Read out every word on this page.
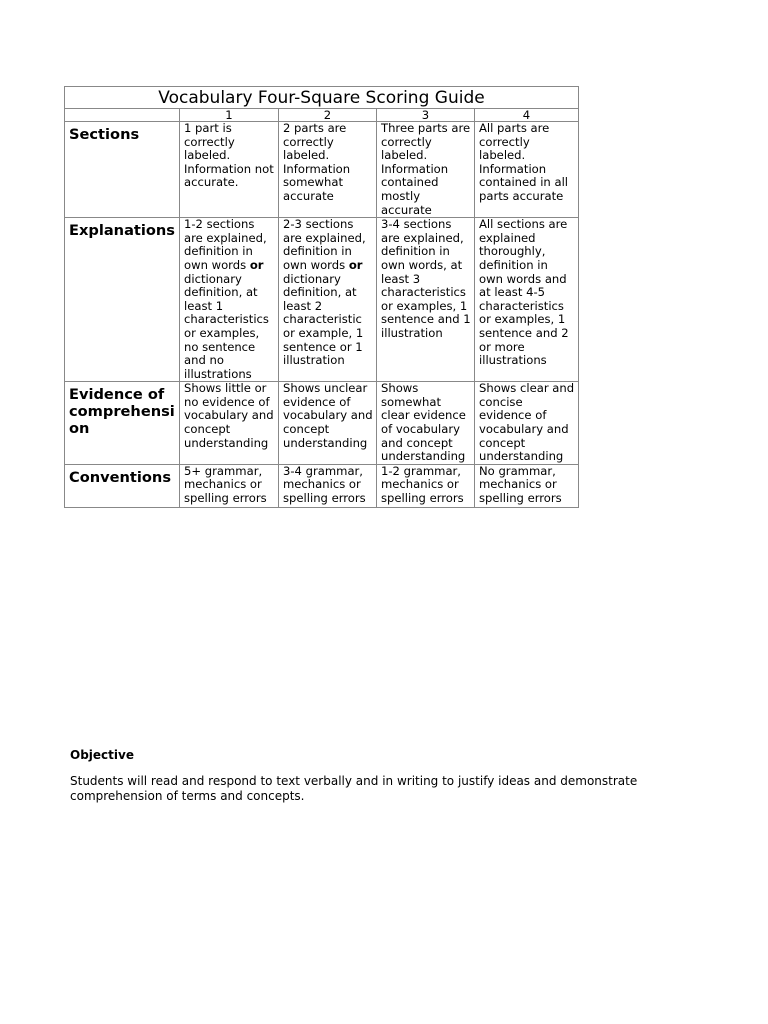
Vocabulary Four-Square Scoring Guide				
	1	2	3	4
Sections	1 part is correctly labeled. Information not accurate.	2 parts are correctly labeled. Information somewhat accurate	Three parts are correctly labeled. Information contained mostly accurate	All parts are correctly labeled. Information contained in all parts accurate
Explanations	1-2 sections are explained, definition in own words or dictionary definition, at least 1 characteristics or examples, no sentence and no illustrations	2-3 sections are explained, definition in own words or dictionary definition, at least 2 characteristic or example, 1 sentence or 1 illustration	3-4 sections are explained, definition in own words, at least 3 characteristics or examples, 1 sentence and 1 illustration	All sections are explained thoroughly, definition in own words and at least 4-5 characteristics or examples, 1 sentence and 2 or more illustrations
Evidence of comprehension	Shows little or no evidence of vocabulary and concept understanding	Shows unclear evidence of vocabulary and concept understanding	Shows somewhat clear evidence of vocabulary and concept understanding	Shows clear and concise evidence of vocabulary and concept understanding
Conventions	5+ grammar, mechanics or spelling errors	3-4 grammar, mechanics or spelling errors	1-2 grammar, mechanics or spelling errors	No grammar, mechanics or spelling errors

Objective

Students will read and respond to text verbally and in writing to justify ideas and demonstrate comprehension of terms and concepts.
